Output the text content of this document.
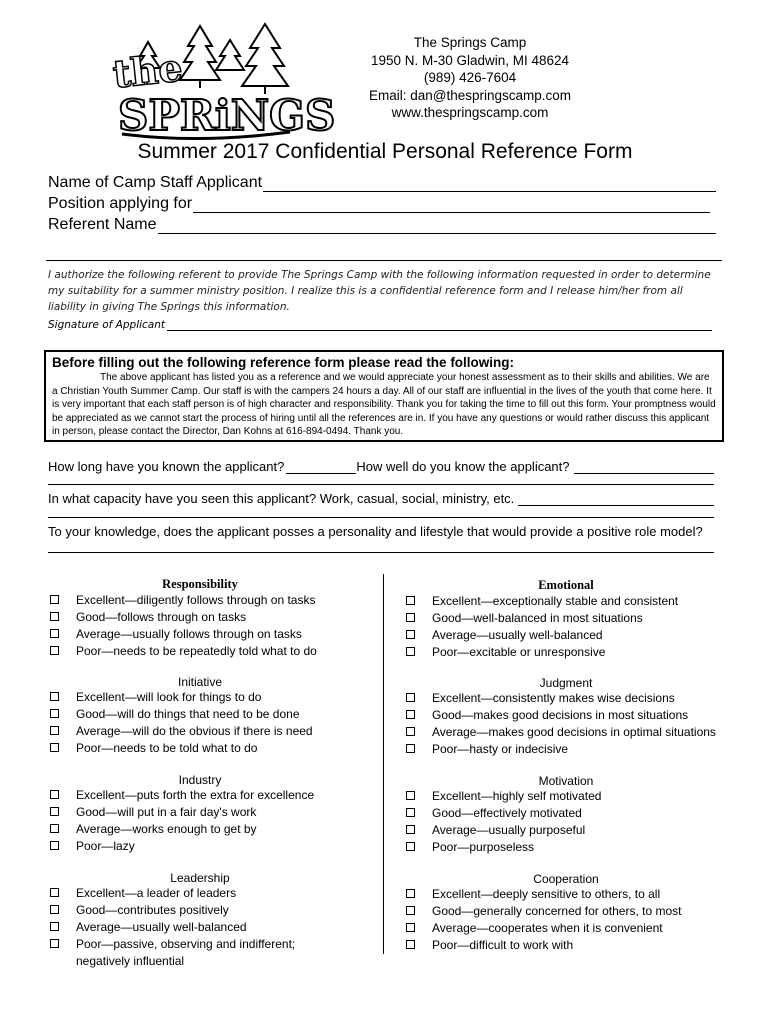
the
SPRiNGS
The Springs Camp
1950 N. M-30 Gladwin, MI 48624
(989) 426-7604
Email: dan@thespringscamp.com
www.thespringscamp.com
Summer 2017 Confidential Personal Reference Form
Name of Camp Staff Applicant
Position applying for
Referent Name
I authorize the following referent to provide The Springs Camp with the following information requested in order to determine my suitability for a summer ministry position. I realize this is a confidential reference form and I release him/her from all liability in giving The Springs this information.
Signature of Applicant
Before filling out the following reference form please read the following:
The above applicant has listed you as a reference and we would appreciate your honest assessment as to their skills and abilities. We are a Christian Youth Summer Camp. Our staff is with the campers 24 hours a day. All of our staff are influential in the lives of the youth that come here. It is very important that each staff person is of high character and responsibility. Thank you for taking the time to fill out this form. Your promptness would be appreciated as we cannot start the process of hiring until all the references are in. If you have any questions or would rather discuss this applicant in person, please contact the Director, Dan Kohns at 616-894-0494. Thank you.
How long have you known the applicant?	How well do you know the applicant?
In what capacity have you seen this applicant? Work, casual, social, ministry, etc.
To your knowledge, does the applicant posses a personality and lifestyle that would provide a positive role model?
Responsibility
Excellent—diligently follows through on tasks
Good—follows through on tasks
Average—usually follows through on tasks
Poor—needs to be repeatedly told what to do
Initiative
Excellent—will look for things to do
Good—will do things that need to be done
Average—will do the obvious if there is need
Poor—needs to be told what to do
Industry
Excellent—puts forth the extra for excellence
Good—will put in a fair day's work
Average—works enough to get by
Poor—lazy
Leadership
Excellent—a leader of leaders
Good—contributes positively
Average—usually well-balanced
Poor—passive, observing and indifferent; negatively influential
Emotional
Excellent—exceptionally stable and consistent
Good—well-balanced in most situations
Average—usually well-balanced
Poor—excitable or unresponsive
Judgment
Excellent—consistently makes wise decisions
Good—makes good decisions in most situations
Average—makes good decisions in optimal situations
Poor—hasty or indecisive
Motivation
Excellent—highly self motivated
Good—effectively motivated
Average—usually purposeful
Poor—purposeless
Cooperation
Excellent—deeply sensitive to others, to all
Good—generally concerned for others, to most
Average—cooperates when it is convenient
Poor—difficult to work with
